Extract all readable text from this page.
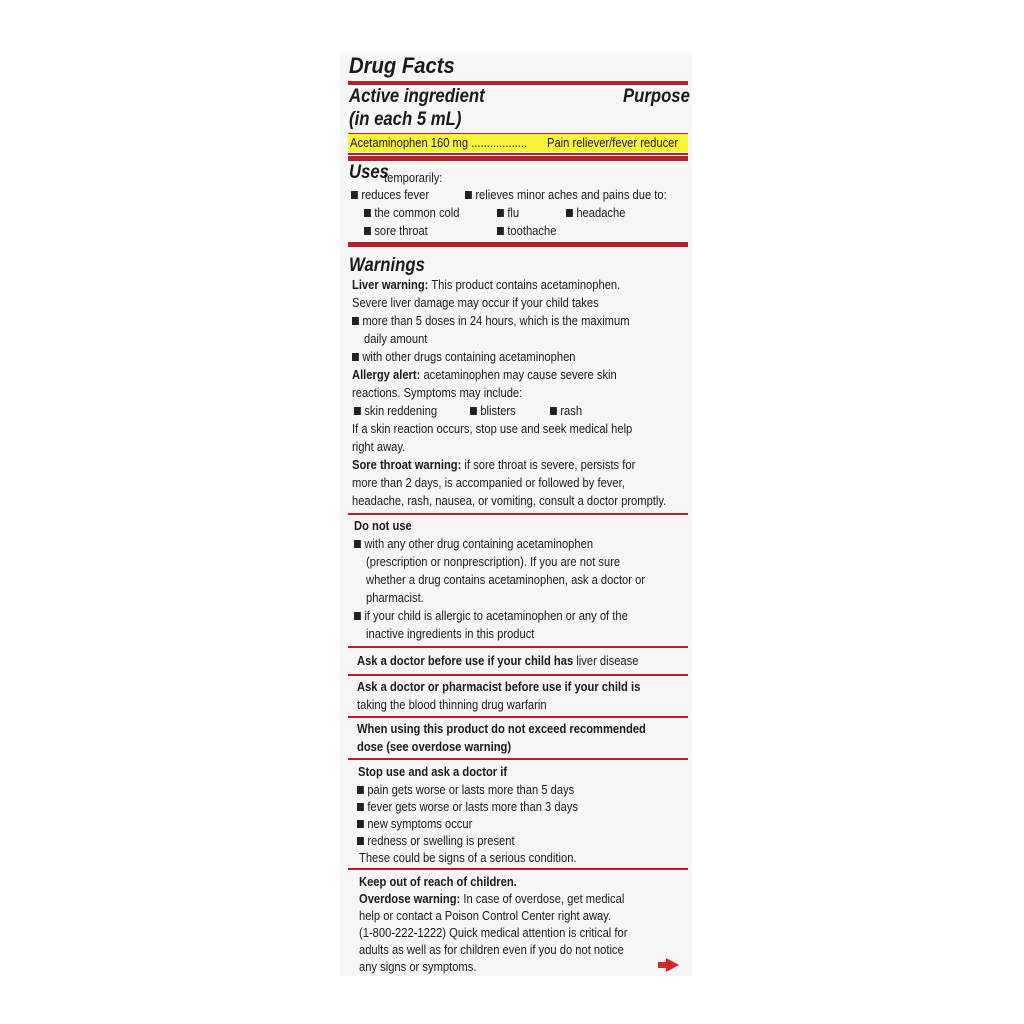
Drug Facts
Active ingredient
(in each 5 mL)
Purpose
Acetaminophen 160 mg .................. Pain reliever/fever reducer
Uses
temporarily:
reduces fever	relieves minor aches and pains due to:
the common cold	flu	headache
sore throat	toothache
Warnings
Liver warning: This product contains acetaminophen.
Severe liver damage may occur if your child takes
more than 5 doses in 24 hours, which is the maximum
daily amount
with other drugs containing acetaminophen
Allergy alert: acetaminophen may cause severe skin
reactions. Symptoms may include:
skin reddening	blisters	rash
If a skin reaction occurs, stop use and seek medical help
right away.
Sore throat warning: if sore throat is severe, persists for
more than 2 days, is accompanied or followed by fever,
headache, rash, nausea, or vomiting, consult a doctor promptly.
Do not use
with any other drug containing acetaminophen
(prescription or nonprescription). If you are not sure
whether a drug contains acetaminophen, ask a doctor or
pharmacist.
if your child is allergic to acetaminophen or any of the
inactive ingredients in this product
Ask a doctor before use if your child has liver disease
Ask a doctor or pharmacist before use if your child is
taking the blood thinning drug warfarin
When using this product do not exceed recommended
dose (see overdose warning)
Stop use and ask a doctor if
pain gets worse or lasts more than 5 days
fever gets worse or lasts more than 3 days
new symptoms occur
redness or swelling is present
These could be signs of a serious condition.
Keep out of reach of children.
Overdose warning: In case of overdose, get medical
help or contact a Poison Control Center right away.
(1-800-222-1222) Quick medical attention is critical for
adults as well as for children even if you do not notice
any signs or symptoms.
